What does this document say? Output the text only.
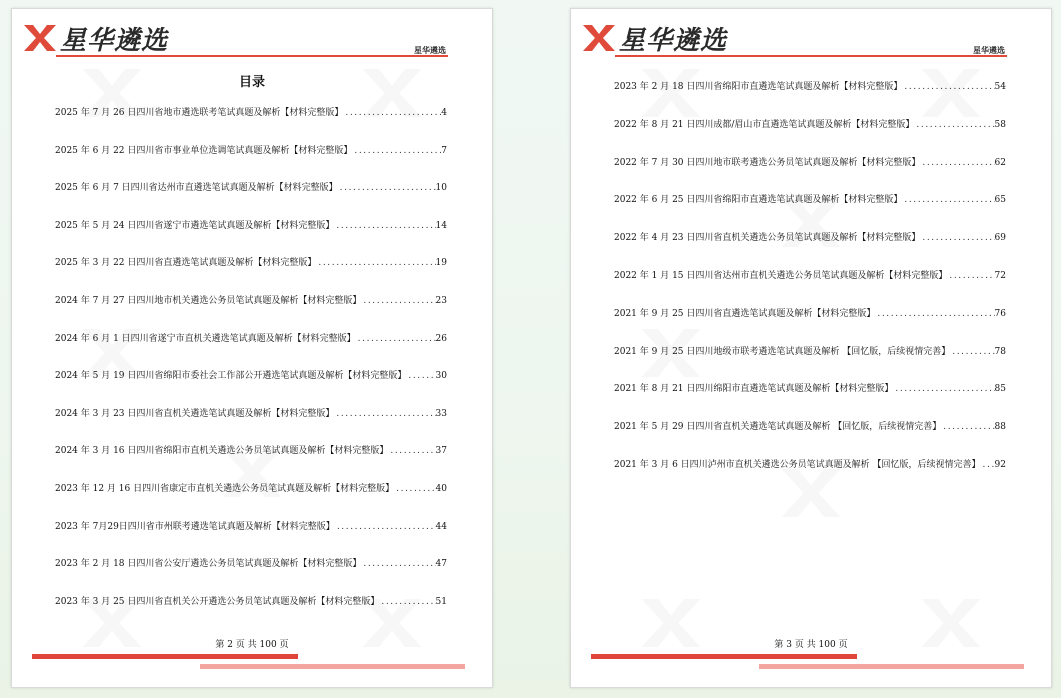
星华遴选	星华遴选
目录
2025 年 7 月 26 日四川省地市遴选联考笔试真题及解析【材料完整版】 .....	4
2025 年 6 月 22 日四川省市事业单位选调笔试真题及解析【材料完整版】 .....	7
2025 年 6 月 7 日四川省达州市直遴选笔试真题及解析【材料完整版】 .....	10
2025 年 5 月 24 日四川省遂宁市遴选笔试真题及解析【材料完整版】 .....	14
2025 年 3 月 22 日四川省直遴选笔试真题及解析【材料完整版】 .....	19
2024 年 7 月 27 日四川地市机关遴选公务员笔试真题及解析【材料完整版】 .....	23
2024 年 6 月 1 日四川省遂宁市直机关遴选笔试真题及解析【材料完整版】 .....	26
2024 年 5 月 19 日四川省绵阳市委社会工作部公开遴选笔试真题及解析【材料完整版】 .....	30
2024 年 3 月 23 日四川省直机关遴选笔试真题及解析【材料完整版】 .....	33
2024 年 3 月 16 日四川省绵阳市直机关遴选公务员笔试真题及解析【材料完整版】 .....	37
2023 年 12 月 16 日四川省康定市直机关遴选公务员笔试真题及解析【材料完整版】 .....	40
2023 年 7月29日四川省市州联考遴选笔试真题及解析【材料完整版】 .....	44
2023 年 2 月 18 日四川省公安厅遴选公务员笔试真题及解析【材料完整版】 .....	47
2023 年 3 月 25 日四川省直机关公开遴选公务员笔试真题及解析【材料完整版】 .....	51
第 2 页 共 100 页
星华遴选	星华遴选
2023 年 2 月 18 日四川省绵阳市直遴选笔试真题及解析【材料完整版】 .....	54
2022 年 8 月 21 日四川成都/眉山市直遴选笔试真题及解析【材料完整版】 .....	58
2022 年 7 月 30 日四川地市联考遴选公务员笔试真题及解析【材料完整版】 .....	62
2022 年 6 月 25 日四川省绵阳市直遴选笔试真题及解析【材料完整版】 .....	65
2022 年 4 月 23 日四川省直机关遴选公务员笔试真题及解析【材料完整版】 .....	69
2022 年 1 月 15 日四川省达州市直机关遴选公务员笔试真题及解析【材料完整版】 .....	72
2021 年 9 月 25 日四川省直遴选笔试真题及解析【材料完整版】 .....	76
2021 年 9 月 25 日四川地级市联考遴选笔试真题及解析 【回忆版，后续视情完善】 .....	78
2021 年 8 月 21 日四川绵阳市直遴选笔试真题及解析【材料完整版】 .....	85
2021 年 5 月 29 日四川省直机关遴选笔试真题及解析 【回忆版，后续视情完善】 .....	88
2021 年 3 月 6 日四川泸州市直机关遴选公务员笔试真题及解析 【回忆版，后续视情完善】 ..... 92
第 3 页 共 100 页
